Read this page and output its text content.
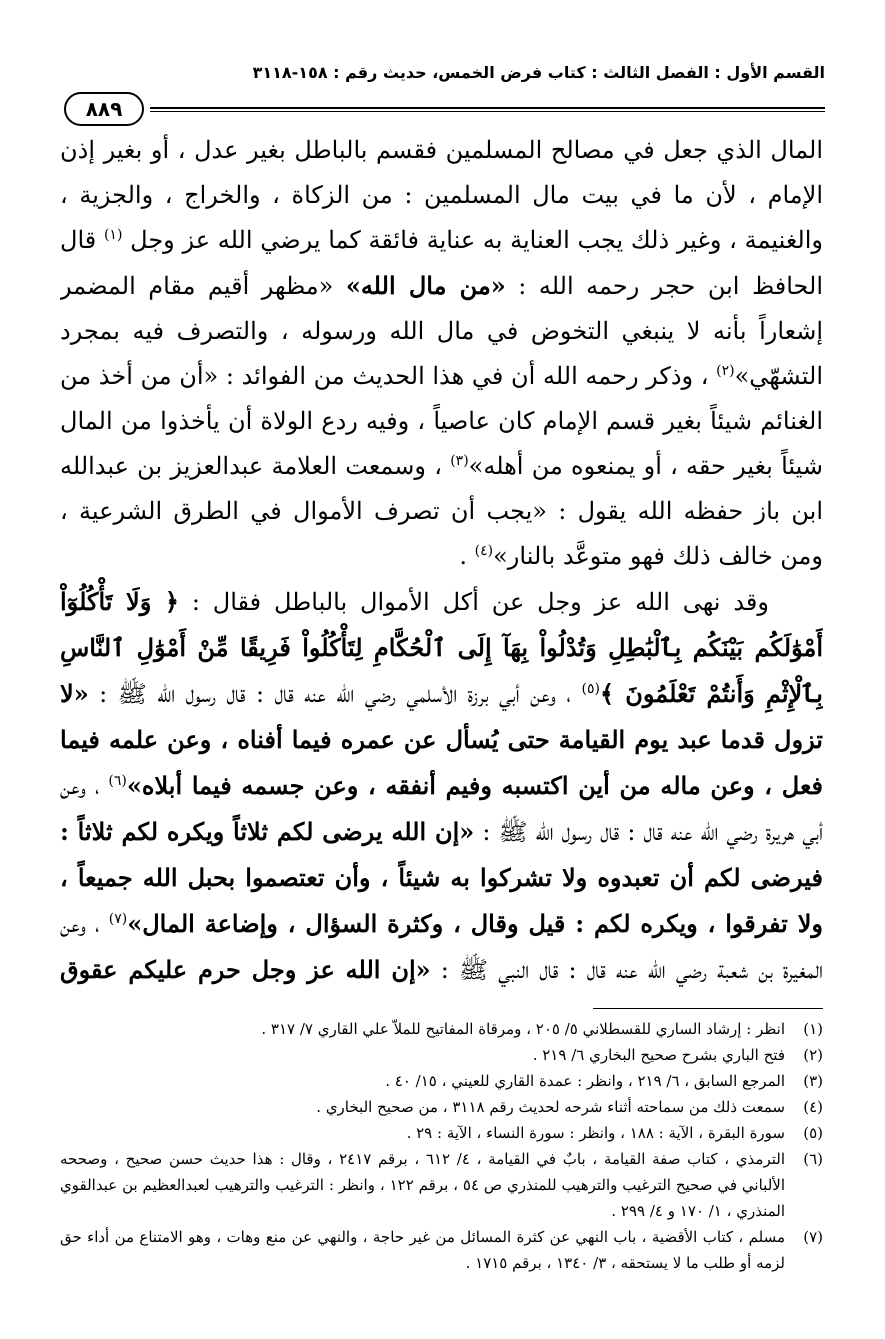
القسم الأول : الفصل الثالث : كتاب فرض الخمس، حديث رقم : ١٥٨-٣١١٨
٨٨٩

المال الذي جعل في مصالح المسلمين فقسم بالباطل بغير عدل ، أو بغير إذن الإمام ، لأن ما في بيت مال المسلمين : من الزكاة ، والخراج ، والجزية ، والغنيمة ، وغير ذلك يجب العناية به عناية فائقة كما يرضي الله عز وجل $^{(١)}$ قال الحافظ ابن حجر رحمه الله : «من مال الله» «مظهر أقيم مقام المضمر إشعاراً بأنه لا ينبغي التخوض في مال الله ورسوله ، والتصرف فيه بمجرد التشهّي»$^{(٢)}$ ، وذكر رحمه الله أن في هذا الحديث من الفوائد : «أن من أخذ من الغنائم شيئاً بغير قسم الإمام كان عاصياً ، وفيه ردع الولاة أن يأخذوا من المال شيئاً بغير حقه ، أو يمنعوه من أهله»$^{(٣)}$ ، وسمعت العلامة عبدالعزيز بن عبدالله ابن باز حفظه الله يقول : «يجب أن تصرف الأموال في الطرق الشرعية ، ومن خالف ذلك فهو متوعَّد بالنار»$^{(٤)}$ .

وقد نهى الله عز وجل عن أكل الأموال بالباطل فقال : ﴿ وَلَا تَأْكُلُوٓاْ أَمْوَٰلَكُم بَيْنَكُم بِٱلْبَٰطِلِ وَتُدْلُواْ بِهَآ إِلَى ٱلْحُكَّامِ لِتَأْكُلُواْ فَرِيقًا مِّنْ أَمْوَٰلِ ٱلنَّاسِ بِٱلْإِثْمِ وَأَنتُمْ تَعْلَمُونَ ﴾$^{(٥)}$ ، وعن أبي برزة الأسلمي رضي الله عنه قال : قال رسول الله ﷺ : «لا تزول قدما عبد يوم القيامة حتى يُسأل عن عمره فيما أفناه ، وعن علمه فيما فعل ، وعن ماله من أين اكتسبه وفيم أنفقه ، وعن جسمه فيما أبلاه»$^{(٦)}$ ، وعن أبي هريرة رضي الله عنه قال : قال رسول الله ﷺ : «إن الله يرضى لكم ثلاثاً ويكره لكم ثلاثاً : فيرضى لكم أن تعبدوه ولا تشركوا به شيئاً ، وأن تعتصموا بحبل الله جميعاً ، ولا تفرقوا ، ويكره لكم : قيل وقال ، وكثرة السؤال ، وإضاعة المال»$^{(٧)}$ ، وعن المغيرة بن شعبة رضي الله عنه قال : قال النبي ﷺ : «إن الله عز وجل حرم عليكم عقوق

(١)
انظر : إرشاد الساري للقسطلاني ٥/ ٢٠٥ ، ومرقاة المفاتيح للملاّ علي القاري ٧/ ٣١٧ .

(٢)
فتح الباري بشرح صحيح البخاري ٦/ ٢١٩ .

(٣)
المرجع السابق ، ٦/ ٢١٩ ، وانظر : عمدة القاري للعيني ، ١٥/ ٤٠ .

(٤)
سمعت ذلك من سماحته أثناء شرحه لحديث رقم ٣١١٨ ، من صحيح البخاري .

(٥)
سورة البقرة ، الآية : ١٨٨ ، وانظر : سورة النساء ، الآية : ٢٩ .

(٦)
الترمذي ، كتاب صفة القيامة ، بابٌ في القيامة ، ٤/ ٦١٢ ، برقم ٢٤١٧ ، وقال : هذا حديث حسن صحيح ، وصححه الألباني في صحيح الترغيب والترهيب للمنذري ص ٥٤ ، برقم ١٢٢ ، وانظر : الترغيب والترهيب لعبدالعظيم بن عبدالقوي المنذري ، ١/ ١٧٠ و ٤/ ٢٩٩ .

(٧)
مسلم ، كتاب الأقضية ، باب النهي عن كثرة المسائل من غير حاجة ، والنهي عن منع وهات ، وهو الامتناع من أداء حق لزمه أو طلب ما لا يستحقه ، ٣/ ١٣٤٠ ، برقم ١٧١٥ .
